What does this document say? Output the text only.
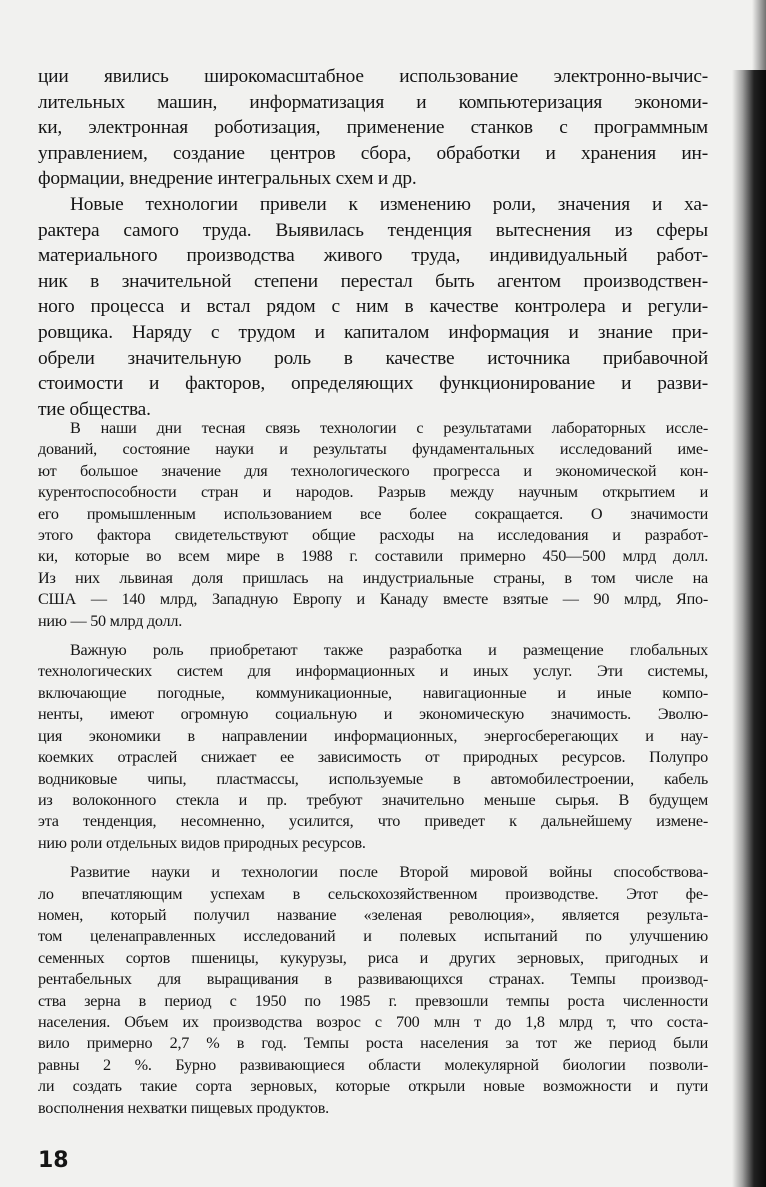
ции явились широкомасштабное использование электронно-вычис-
лительных машин, информатизация и компьютеризация экономи-
ки, электронная роботизация, применение станков с программным
управлением, создание центров сбора, обработки и хранения ин-
формации, внедрение интегральных схем и др.
Новые технологии привели к изменению роли, значения и ха-
рактера самого труда. Выявилась тенденция вытеснения из сферы
материального производства живого труда, индивидуальный работ-
ник в значительной степени перестал быть агентом производствен-
ного процесса и встал рядом с ним в качестве контролера и регули-
ровщика. Наряду с трудом и капиталом информация и знание при-
обрели значительную роль в качестве источника прибавочной
стоимости и факторов, определяющих функционирование и разви-
тие общества.
В наши дни тесная связь технологии с результатами лабораторных иссле-
дований, состояние науки и результаты фундаментальных исследований име-
ют большое значение для технологического прогресса и экономической кон-
курентоспособности стран и народов. Разрыв между научным открытием и
его промышленным использованием все более сокращается. О значимости
этого фактора свидетельствуют общие расходы на исследования и разработ-
ки, которые во всем мире в 1988 г. составили примерно 450—500 млрд долл.
Из них львиная доля пришлась на индустриальные страны, в том числе на
США — 140 млрд, Западную Европу и Канаду вместе взятые — 90 млрд, Япо-
нию — 50 млрд долл.
Важную роль приобретают также разработка и размещение глобальных
технологических систем для информационных и иных услуг. Эти системы,
включающие погодные, коммуникационные, навигационные и иные компо-
ненты, имеют огромную социальную и экономическую значимость. Эволю-
ция экономики в направлении информационных, энергосберегающих и нау-
коемких отраслей снижает ее зависимость от природных ресурсов. Полупро
водниковые чипы, пластмассы, используемые в автомобилестроении, кабель
из волоконного стекла и пр. требуют значительно меньше сырья. В будущем
эта тенденция, несомненно, усилится, что приведет к дальнейшему измене-
нию роли отдельных видов природных ресурсов.
Развитие науки и технологии после Второй мировой войны способствова-
ло впечатляющим успехам в сельскохозяйственном производстве. Этот фе-
номен, который получил название «зеленая революция», является результа-
том целенаправленных исследований и полевых испытаний по улучшению
семенных сортов пшеницы, кукурузы, риса и других зерновых, пригодных и
рентабельных для выращивания в развивающихся странах. Темпы производ-
ства зерна в период с 1950 по 1985 г. превзошли темпы роста численности
населения. Объем их производства возрос с 700 млн т до 1,8 млрд т, что соста-
вило примерно 2,7 % в год. Темпы роста населения за тот же период были
равны 2 %. Бурно развивающиеся области молекулярной биологии позволи-
ли создать такие сорта зерновых, которые открыли новые возможности и пути
восполнения нехватки пищевых продуктов.
18
